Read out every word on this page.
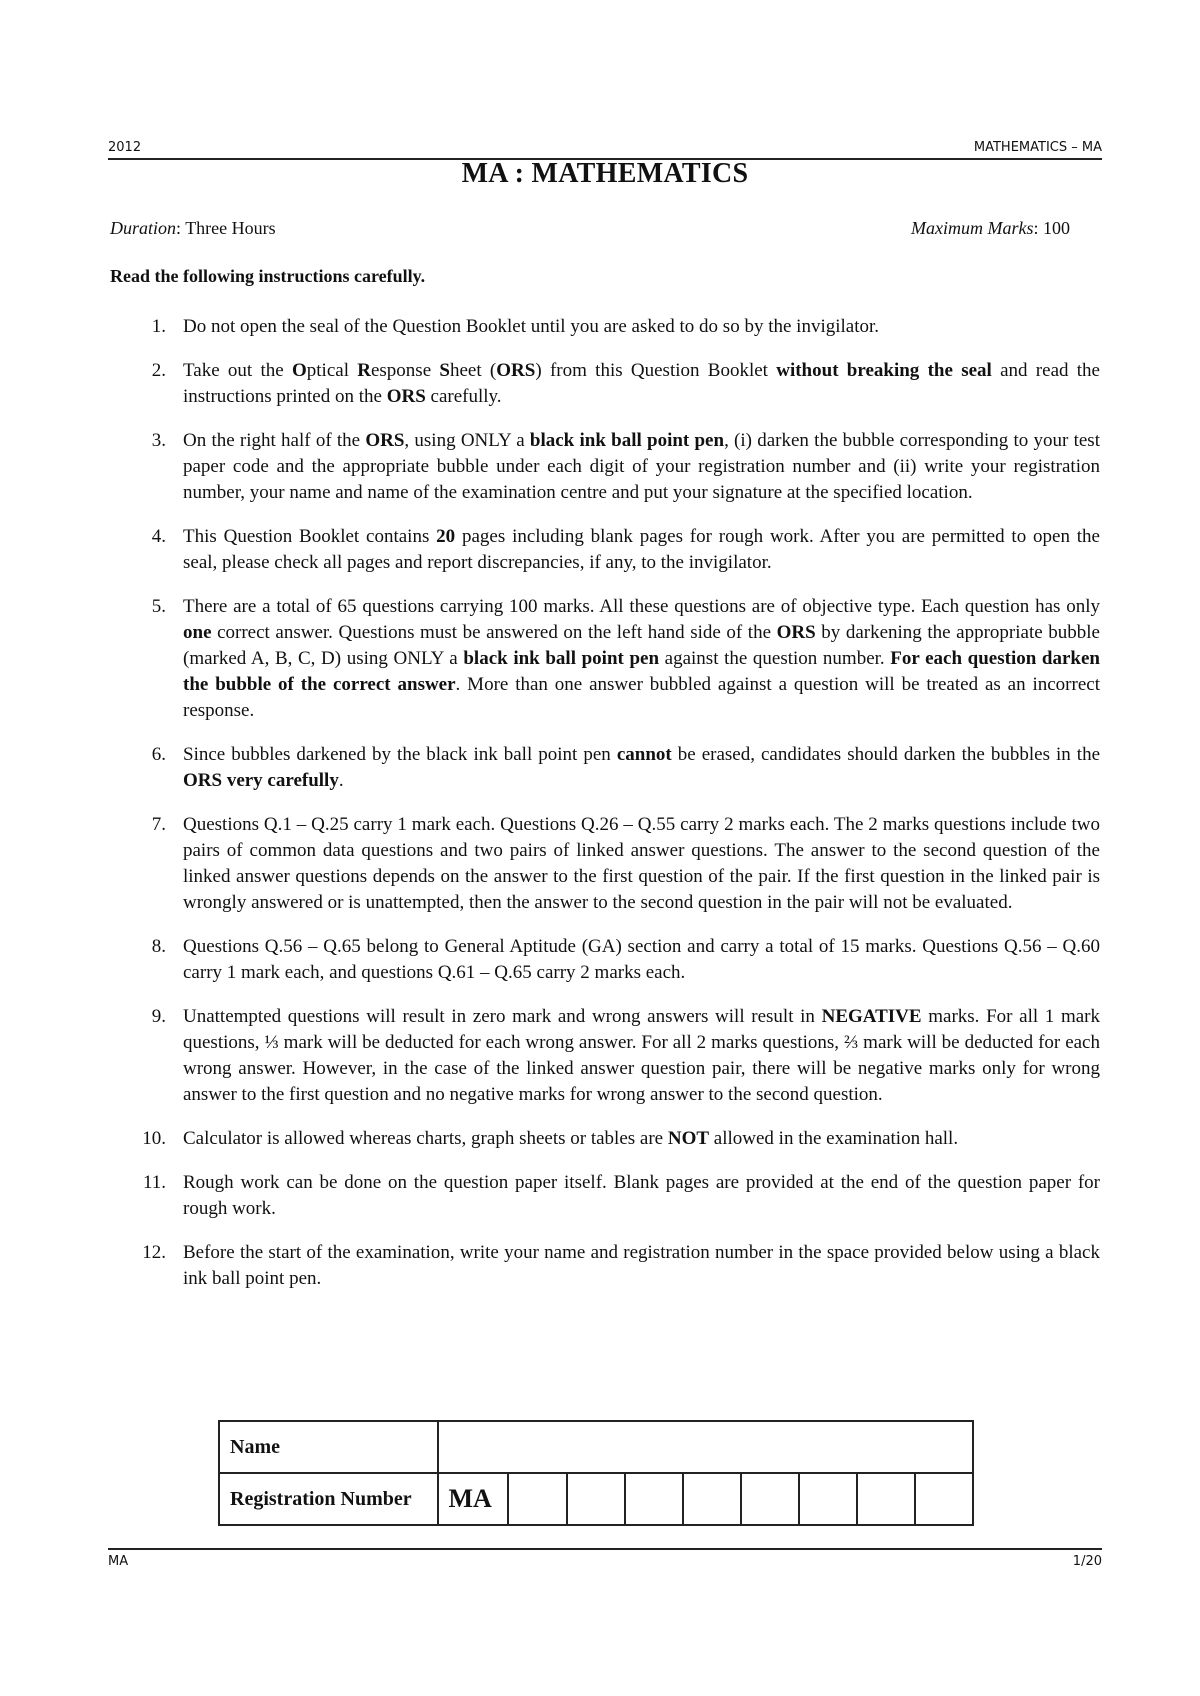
2012	MATHEMATICS – MA
MA : MATHEMATICS
Duration: Three Hours	Maximum Marks: 100
Read the following instructions carefully.
1. Do not open the seal of the Question Booklet until you are asked to do so by the invigilator.
2. Take out the Optical Response Sheet (ORS) from this Question Booklet without breaking the seal and read the instructions printed on the ORS carefully.
3. On the right half of the ORS, using ONLY a black ink ball point pen, (i) darken the bubble corresponding to your test paper code and the appropriate bubble under each digit of your registration number and (ii) write your registration number, your name and name of the examination centre and put your signature at the specified location.
4. This Question Booklet contains 20 pages including blank pages for rough work. After you are permitted to open the seal, please check all pages and report discrepancies, if any, to the invigilator.
5. There are a total of 65 questions carrying 100 marks. All these questions are of objective type. Each question has only one correct answer. Questions must be answered on the left hand side of the ORS by darkening the appropriate bubble (marked A, B, C, D) using ONLY a black ink ball point pen against the question number. For each question darken the bubble of the correct answer. More than one answer bubbled against a question will be treated as an incorrect response.
6. Since bubbles darkened by the black ink ball point pen cannot be erased, candidates should darken the bubbles in the ORS very carefully.
7. Questions Q.1 – Q.25 carry 1 mark each. Questions Q.26 – Q.55 carry 2 marks each. The 2 marks questions include two pairs of common data questions and two pairs of linked answer questions. The answer to the second question of the linked answer questions depends on the answer to the first question of the pair. If the first question in the linked pair is wrongly answered or is unattempted, then the answer to the second question in the pair will not be evaluated.
8. Questions Q.56 – Q.65 belong to General Aptitude (GA) section and carry a total of 15 marks. Questions Q.56 – Q.60 carry 1 mark each, and questions Q.61 – Q.65 carry 2 marks each.
9. Unattempted questions will result in zero mark and wrong answers will result in NEGATIVE marks. For all 1 mark questions, ⅓ mark will be deducted for each wrong answer. For all 2 marks questions, ⅔ mark will be deducted for each wrong answer. However, in the case of the linked answer question pair, there will be negative marks only for wrong answer to the first question and no negative marks for wrong answer to the second question.
10. Calculator is allowed whereas charts, graph sheets or tables are NOT allowed in the examination hall.
11. Rough work can be done on the question paper itself. Blank pages are provided at the end of the question paper for rough work.
12. Before the start of the examination, write your name and registration number in the space provided below using a black ink ball point pen.
Name									
Registration Number	MA								
MA	1/20
